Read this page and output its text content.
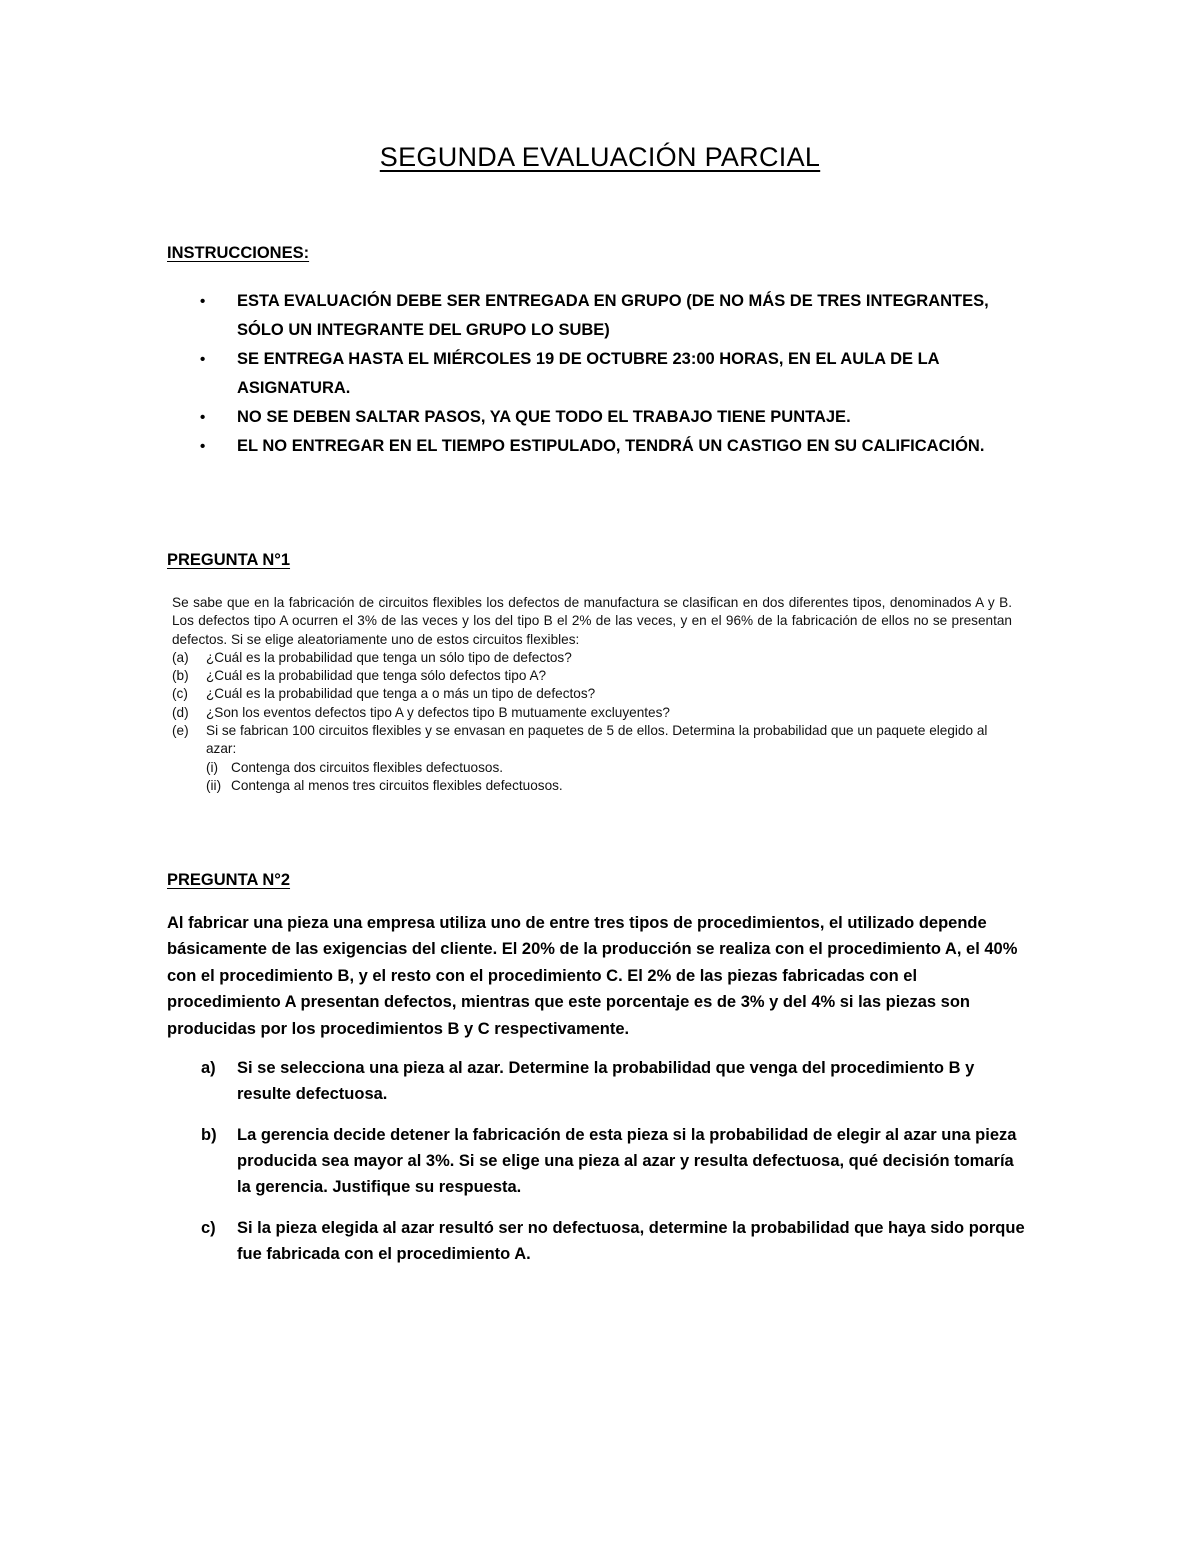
SEGUNDA EVALUACIÓN PARCIAL
INSTRUCCIONES:
• ESTA EVALUACIÓN DEBE SER ENTREGADA EN GRUPO (DE NO MÁS DE TRES INTEGRANTES, SÓLO UN INTEGRANTE DEL GRUPO LO SUBE)
• SE ENTREGA HASTA EL MIÉRCOLES 19 DE OCTUBRE 23:00 HORAS, EN EL AULA DE LA ASIGNATURA.
• NO SE DEBEN SALTAR PASOS, YA QUE TODO EL TRABAJO TIENE PUNTAJE.
• EL NO ENTREGAR EN EL TIEMPO ESTIPULADO, TENDRÁ UN CASTIGO EN SU CALIFICACIÓN.
PREGUNTA N°1

Se sabe que en la fabricación de circuitos flexibles los defectos de manufactura se clasifican en dos diferentes tipos, denominados A y B. Los defectos tipo A ocurren el 3% de las veces y los del tipo B el 2% de las veces, y en el 96% de la fabricación de ellos no se presentan defectos. Si se elige aleatoriamente uno de estos circuitos flexibles:

(a) ¿Cuál es la probabilidad que tenga un sólo tipo de defectos?
(b) ¿Cuál es la probabilidad que tenga sólo defectos tipo A?
(c) ¿Cuál es la probabilidad que tenga a o más un tipo de defectos?
(d) ¿Son los eventos defectos tipo A y defectos tipo B mutuamente excluyentes?
(e) Si se fabrican 100 circuitos flexibles y se envasan en paquetes de 5 de ellos. Determina la probabilidad que un paquete elegido al azar:
(i) Contenga dos circuitos flexibles defectuosos.
(ii) Contenga al menos tres circuitos flexibles defectuosos.
PREGUNTA N°2

Al fabricar una pieza una empresa utiliza uno de entre tres tipos de procedimientos, el utilizado depende básicamente de las exigencias del cliente. El 20% de la producción se realiza con el procedimiento A, el 40% con el procedimiento B, y el resto con el procedimiento C. El 2% de las piezas fabricadas con el procedimiento A presentan defectos, mientras que este porcentaje es de 3% y del 4% si las piezas son producidas por los procedimientos B y C respectivamente.

a) Si se selecciona una pieza al azar. Determine la probabilidad que venga del procedimiento B y resulte defectuosa.
b) La gerencia decide detener la fabricación de esta pieza si la probabilidad de elegir al azar una pieza producida sea mayor al 3%. Si se elige una pieza al azar y resulta defectuosa, qué decisión tomaría la gerencia. Justifique su respuesta.
c) Si la pieza elegida al azar resultó ser no defectuosa, determine la probabilidad que haya sido porque fue fabricada con el procedimiento A.
